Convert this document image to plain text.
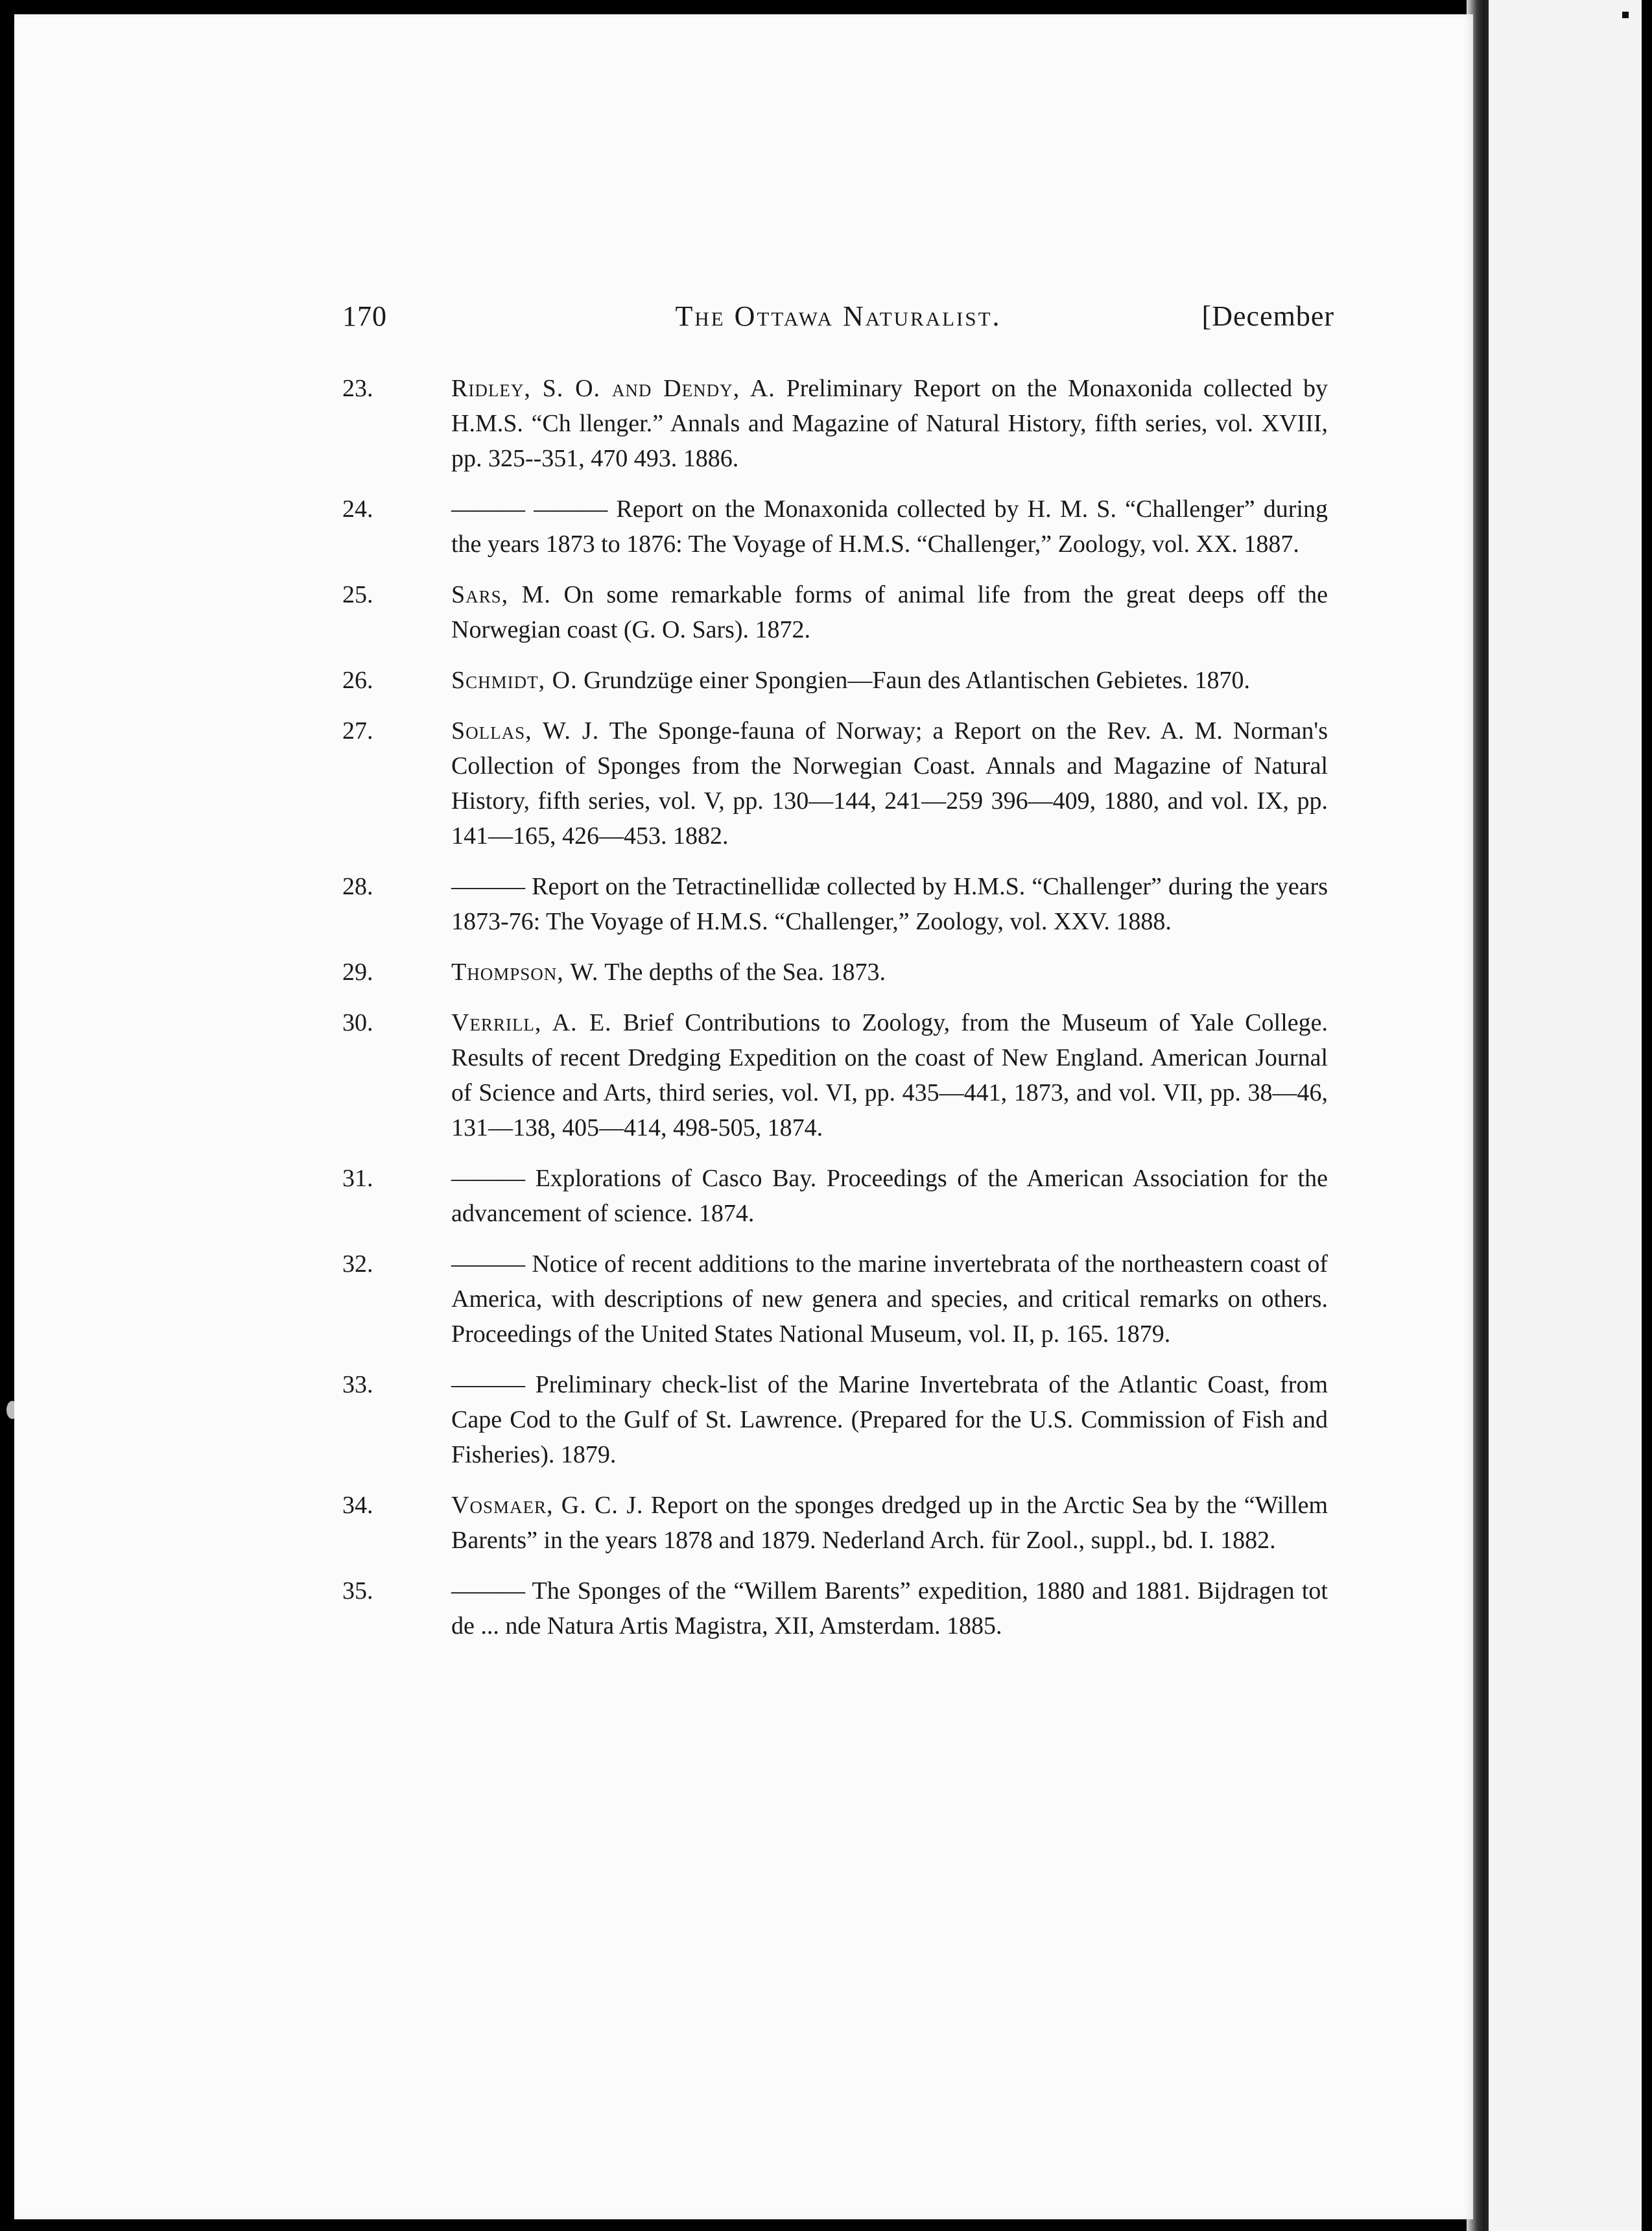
170	The Ottawa Naturalist.	[December
23.	Ridley, S. O. and Dendy, A. Preliminary Report on the Monaxonida collected by H.M.S. “Ch llenger.” Annals and Magazine of Natural History, fifth series, vol. XVIII, pp. 325--351, 470 493. 1886.
24.	——— ——— Report on the Monaxonida collected by H. M. S. “Challenger” during the years 1873 to 1876: The Voyage of H.M.S. “Challenger,” Zoology, vol. XX. 1887.
25.	Sars, M. On some remarkable forms of animal life from the great deeps off the Norwegian coast (G. O. Sars). 1872.
26.	Schmidt, O. Grundzüge einer Spongien—Faun des Atlantischen Gebietes. 1870.
27.	Sollas, W. J. The Sponge-fauna of Norway; a Report on the Rev. A. M. Norman's Collection of Sponges from the Norwegian Coast. Annals and Magazine of Natural History, fifth series, vol. V, pp. 130—144, 241—259 396—409, 1880, and vol. IX, pp. 141—165, 426—453. 1882.
28.	——— Report on the Tetractinellidæ collected by H.M.S. “Challenger” during the years 1873-76: The Voyage of H.M.S. “Challenger,” Zoology, vol. XXV. 1888.
29.	Thompson, W. The depths of the Sea. 1873.
30.	Verrill, A. E. Brief Contributions to Zoology, from the Museum of Yale College. Results of recent Dredging Expedition on the coast of New England. American Journal of Science and Arts, third series, vol. VI, pp. 435—441, 1873, and vol. VII, pp. 38—46, 131—138, 405—414, 498-505, 1874.
31.	——— Explorations of Casco Bay. Proceedings of the American Association for the advancement of science. 1874.
32.	——— Notice of recent additions to the marine invertebrata of the northeastern coast of America, with descriptions of new genera and species, and critical remarks on others. Proceedings of the United States National Museum, vol. II, p. 165. 1879.
33.	——— Preliminary check-list of the Marine Invertebrata of the Atlantic Coast, from Cape Cod to the Gulf of St. Lawrence. (Prepared for the U.S. Commission of Fish and Fisheries). 1879.
34.	Vosmaer, G. C. J. Report on the sponges dredged up in the Arctic Sea by the “Willem Barents” in the years 1878 and 1879. Nederland Arch. für Zool., suppl., bd. I. 1882.
35.	——— The Sponges of the “Willem Barents” expedition, 1880 and 1881. Bijdragen tot de ... nde Natura Artis Magistra, XII, Amsterdam. 1885.
